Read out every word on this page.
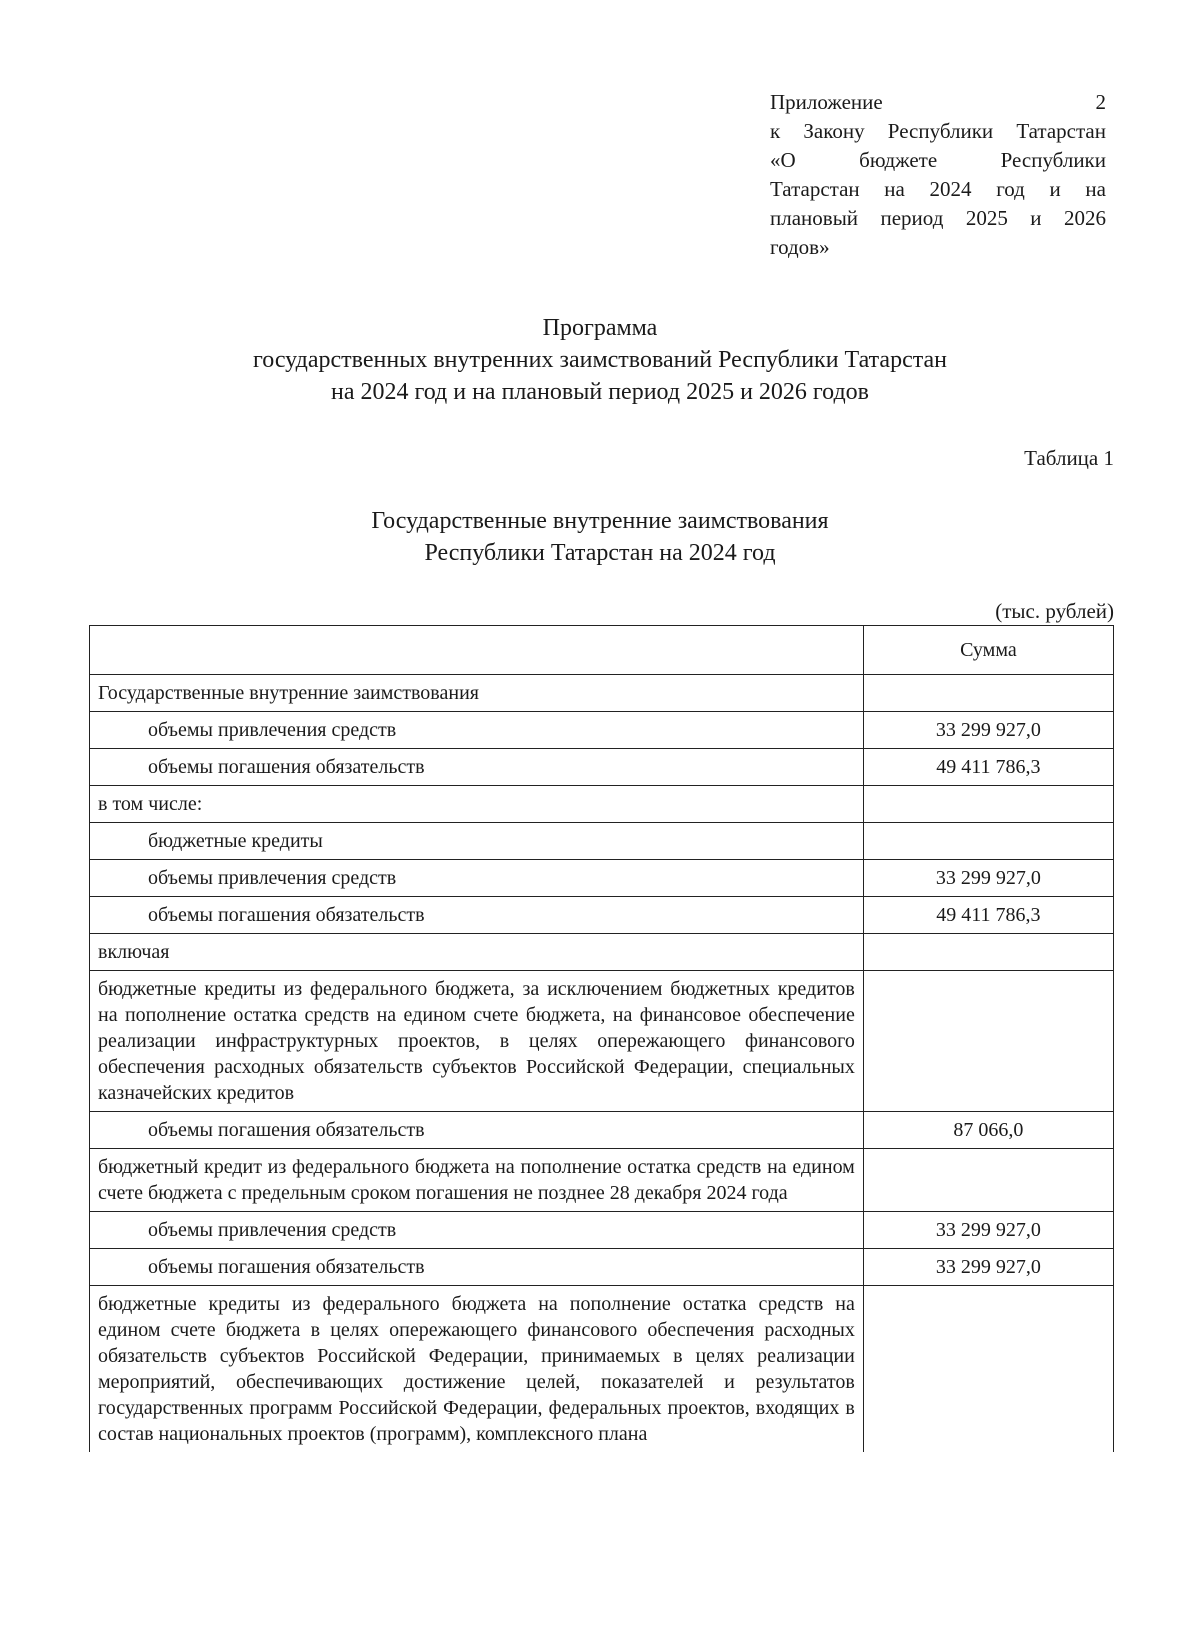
Приложение 2
к Закону Республики Татарстан
«О бюджете Республики
Татарстан на 2024 год и на
плановый период 2025 и 2026
годов»
Программа
государственных внутренних заимствований Республики Татарстан
на 2024 год и на плановый период 2025 и 2026 годов
Таблица 1
Государственные внутренние заимствования
Республики Татарстан на 2024 год
(тыс. рублей)
	Сумма
Государственные внутренние заимствования	
объемы привлечения средств	33 299 927,0
объемы погашения обязательств	49 411 786,3
в том числе:	
бюджетные кредиты	
объемы привлечения средств	33 299 927,0
объемы погашения обязательств	49 411 786,3
включая	
бюджетные кредиты из федерального бюджета, за исключением бюджетных кредитов на пополнение остатка средств на едином счете бюджета, на финансовое обеспечение реализации инфраструктурных проектов, в целях опережающего финансового обеспечения расходных обязательств субъектов Российской Федерации, специальных казначейских кредитов	
объемы погашения обязательств	87 066,0
бюджетный кредит из федерального бюджета на пополнение остатка средств на едином счете бюджета с предельным сроком погашения не позднее 28 декабря 2024 года	
объемы привлечения средств	33 299 927,0
объемы погашения обязательств	33 299 927,0
бюджетные кредиты из федерального бюджета на пополнение остатка средств на едином счете бюджета в целях опережающего финансового обеспечения расходных обязательств субъектов Российской Федерации, принимаемых в целях реализации мероприятий, обеспечивающих достижение целей, показателей и результатов государственных программ Российской Федерации, федеральных проектов, входящих в состав национальных проектов (программ), комплексного плана	
